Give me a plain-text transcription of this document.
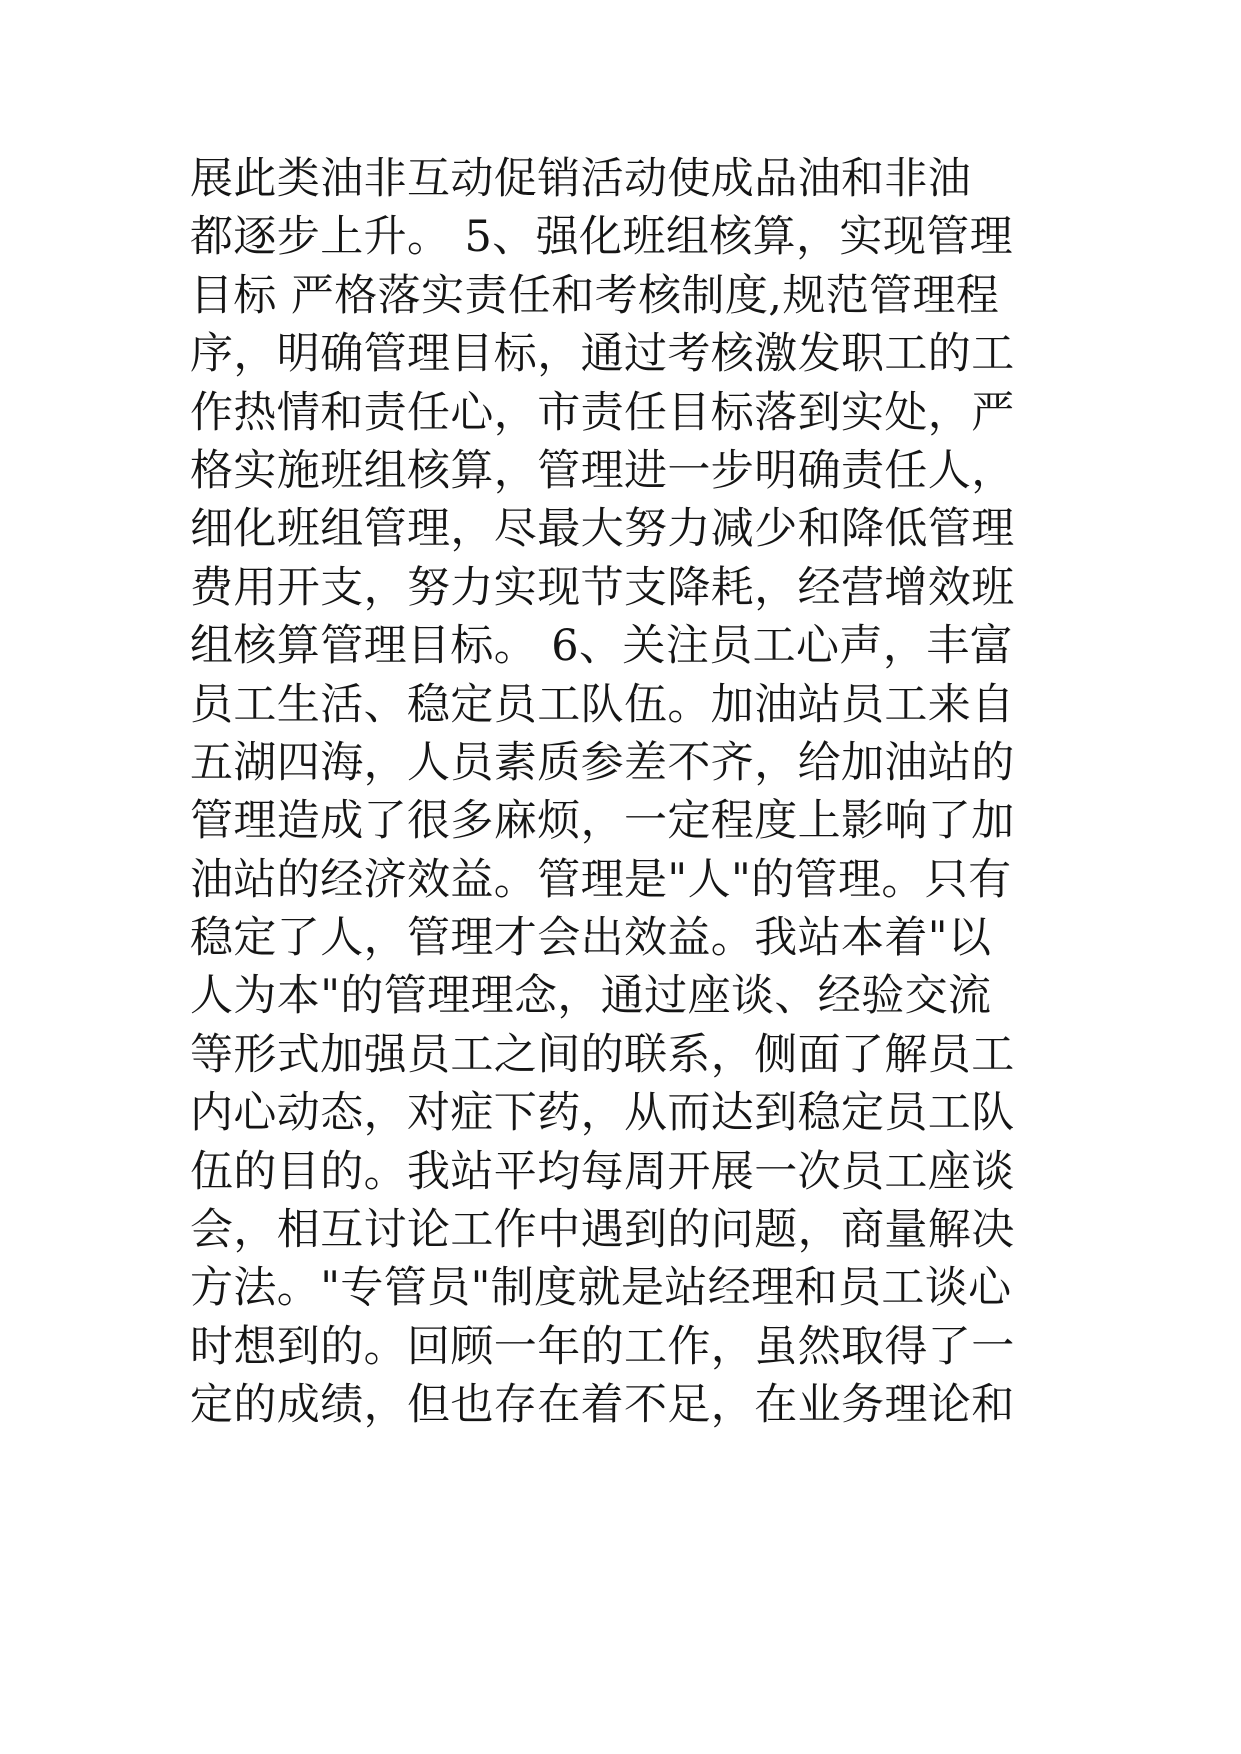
展此类油非互动促销活动使成品油和非油
都逐步上升。 5、强化班组核算，实现管理
目标 严格落实责任和考核制度,规范管理程
序，明确管理目标，通过考核激发职工的工
作热情和责任心，市责任目标落到实处，严
格实施班组核算，管理进一步明确责任人，
细化班组管理，尽最大努力减少和降低管理
费用开支，努力实现节支降耗，经营增效班
组核算管理目标。 6、关注员工心声，丰富
员工生活、稳定员工队伍。加油站员工来自
五湖四海，人员素质参差不齐，给加油站的
管理造成了很多麻烦，一定程度上影响了加
油站的经济效益。管理是"人"的管理。只有
稳定了人，管理才会出效益。我站本着"以
人为本"的管理理念，通过座谈、经验交流
等形式加强员工之间的联系，侧面了解员工
内心动态，对症下药，从而达到稳定员工队
伍的目的。我站平均每周开展一次员工座谈
会，相互讨论工作中遇到的问题，商量解决
方法。"专管员"制度就是站经理和员工谈心
时想到的。回顾一年的工作，虽然取得了一
定的成绩，但也存在着不足，在业务理论和
